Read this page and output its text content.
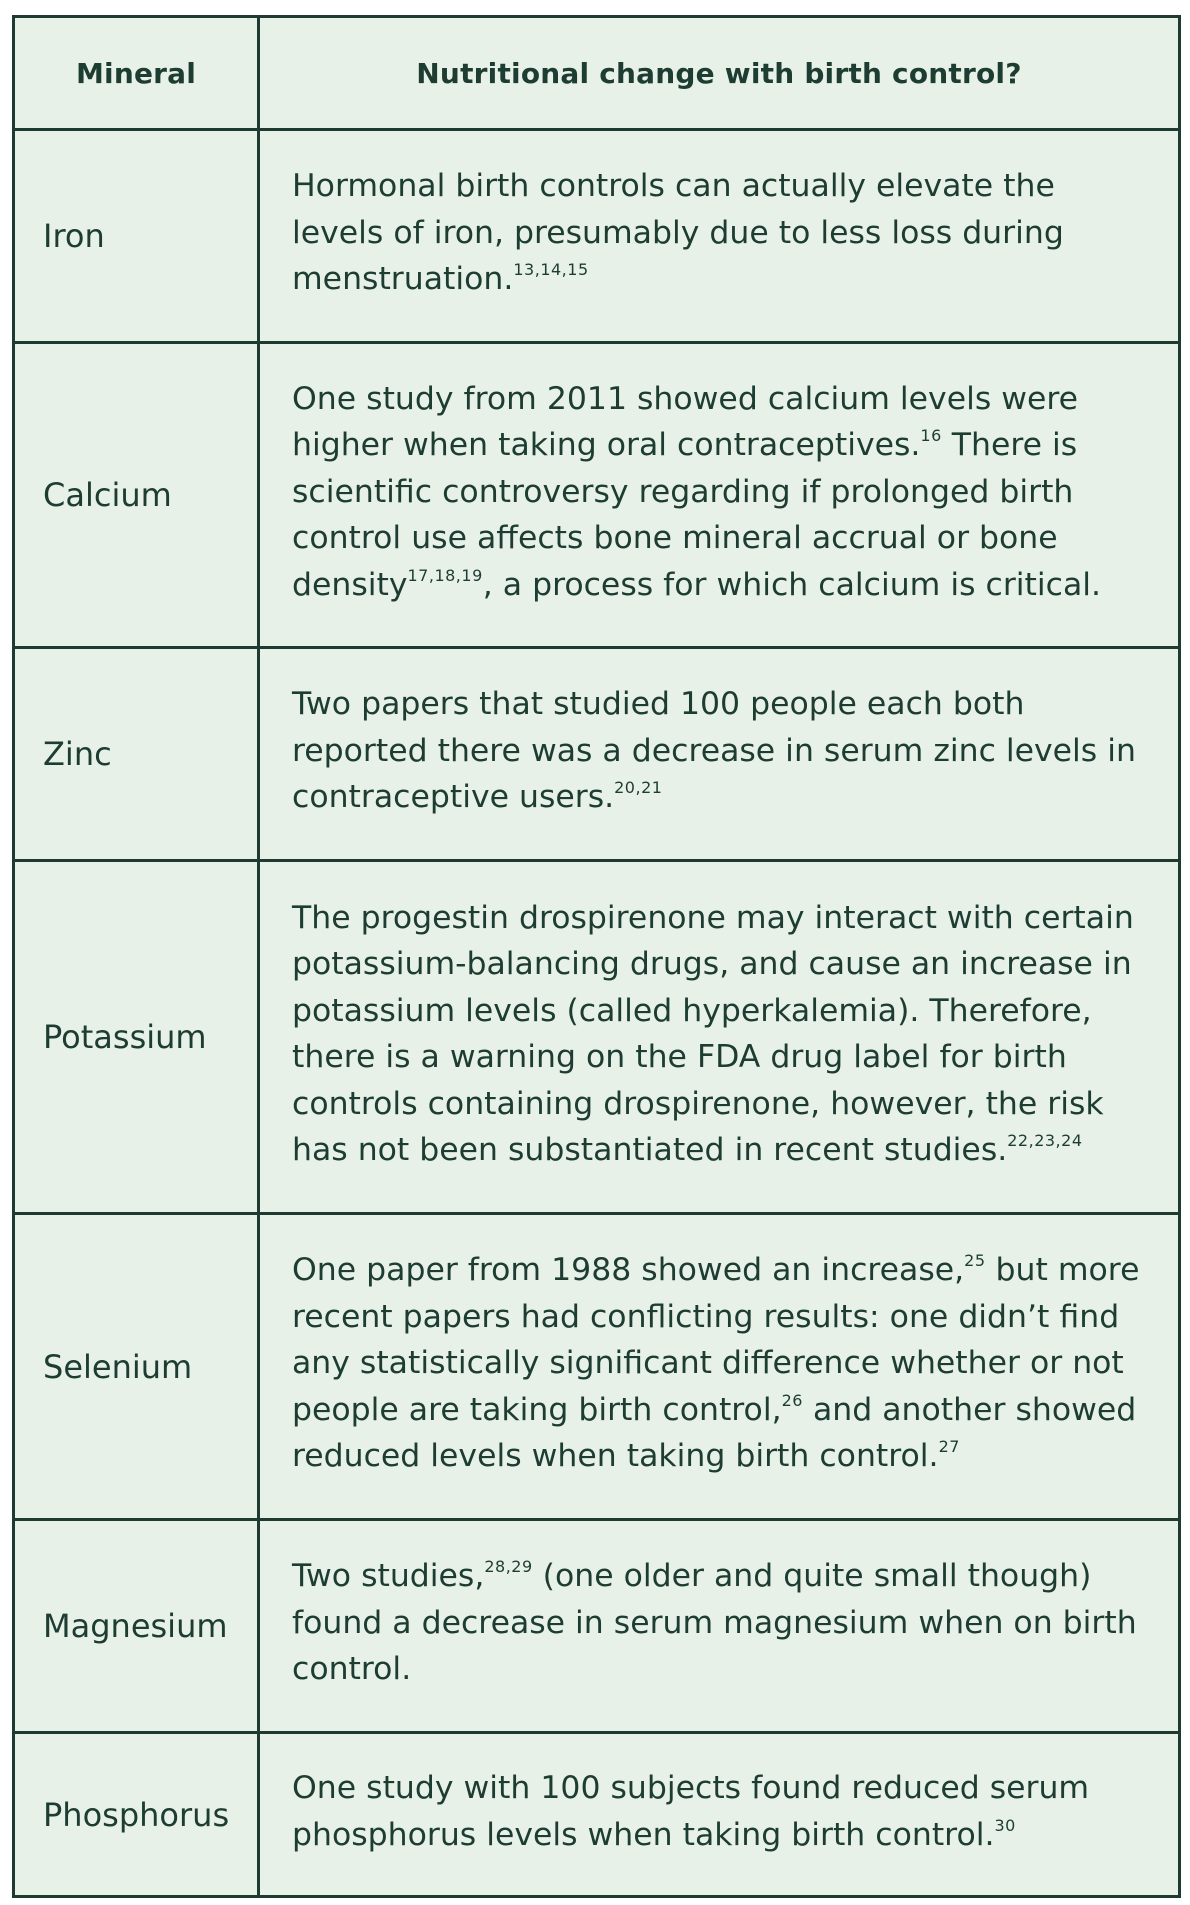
Mineral	Nutritional change with birth control?
Iron	Hormonal birth controls can actually elevate the levels of iron, presumably due to less loss during menstruation.$^{13,14,15}$
Calcium	One study from 2011 showed calcium levels were higher when taking oral contraceptives.$^{16}$ There is scientific controversy regarding if prolonged birth control use affects bone mineral accrual or bone density$^{17,18,19}$, a process for which calcium is critical.
Zinc	Two papers that studied 100 people each both reported there was a decrease in serum zinc levels in contraceptive users.$^{20,21}$
Potassium	The progestin drospirenone may interact with certain potassium-balancing drugs, and cause an increase in potassium levels (called hyperkalemia). Therefore, there is a warning on the FDA drug label for birth controls containing drospirenone, however, the risk has not been substantiated in recent studies.$^{22,23,24}$
Selenium	One paper from 1988 showed an increase,$^{25}$ but more recent papers had conflicting results: one didn’t find any statistically significant difference whether or not people are taking birth control,$^{26}$ and another showed reduced levels when taking birth control.$^{27}$
Magnesium	Two studies,$^{28,29}$ (one older and quite small though) found a decrease in serum magnesium when on birth control.
Phosphorus	One study with 100 subjects found reduced serum phosphorus levels when taking birth control.$^{30}$
